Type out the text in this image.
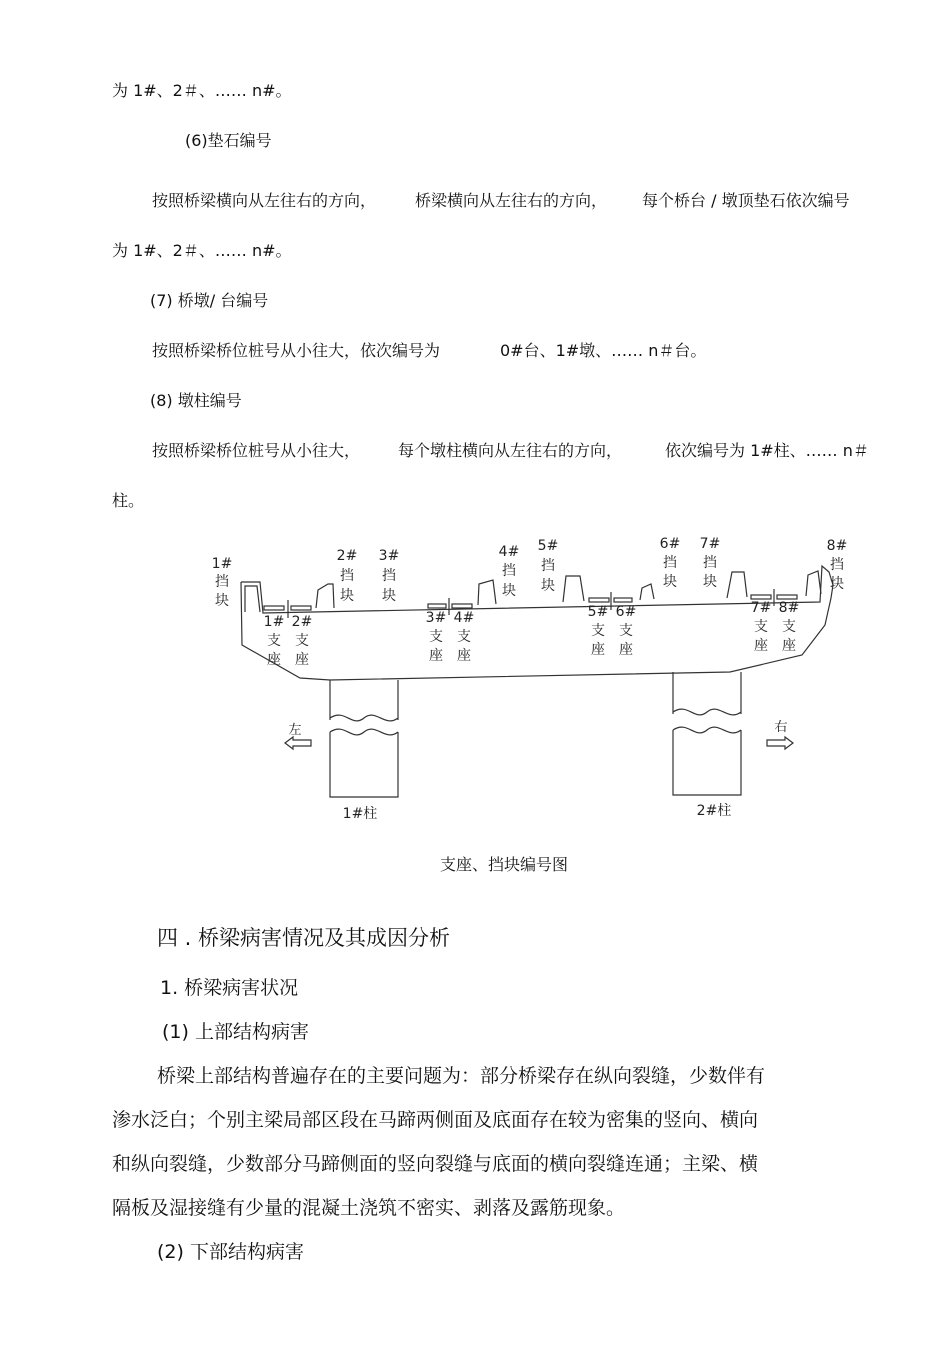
为 1#、2＃、…… n#。

(6)垫石编号

按照桥梁横向从左往右的方向， 桥梁横向从左往右的方向， 每个桥台 / 墩顶垫石依次编号

为 1#、2＃、…… n#。

(7) 桥墩/ 台编号

按照桥梁桥位桩号从小往大，依次编号为	0#台、1#墩、…… n＃台。

(8) 墩柱编号

按照桥梁桥位桩号从小往大， 每个墩柱横向从左往右的方向，	依次编号为 1#柱、…… n＃

柱。

1#
挡
块
2#
挡
块
3#
挡
块
4#
挡
块
5#
挡
块
6#
挡
块
7#
挡
块
8#
挡
块
1#
支
座
2#
支
座
3#
支
座
4#
支
座
5#
支
座
6#
支
座
7#
支
座
8#
支
座
左	右
1#柱	2#柱

支座、挡块编号图

四 . 桥梁病害情况及其成因分析

1. 桥梁病害状况

(1) 上部结构病害

桥梁上部结构普遍存在的主要问题为：部分桥梁存在纵向裂缝，少数伴有

渗水泛白；个别主梁局部区段在马蹄两侧面及底面存在较为密集的竖向、横向

和纵向裂缝，少数部分马蹄侧面的竖向裂缝与底面的横向裂缝连通；主梁、横

隔板及湿接缝有少量的混凝土浇筑不密实、剥落及露筋现象。

(2) 下部结构病害
